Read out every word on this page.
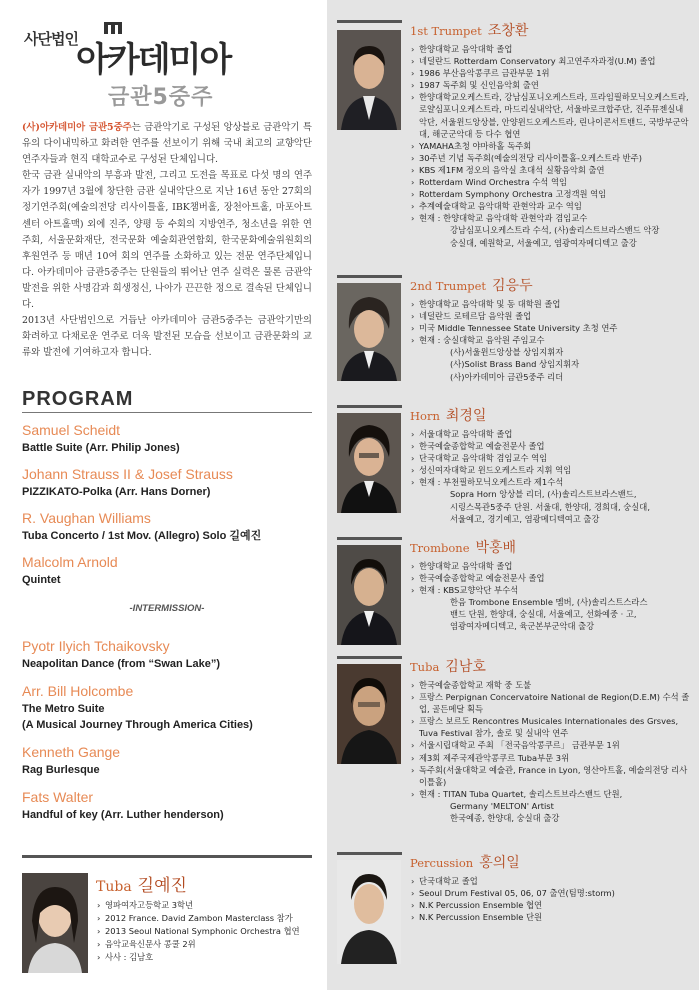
사단법인
아카데미아
금관5중주
(사)아카데미아 금관5중주는 금관악기로 구성된 앙상블로 금관악기 특유의 다이내믹하고 화려한 연주를 선보이기 위해 국내 최고의 교향악단 연주자들과 현직 대학교수로 구성된 단체입니다.
한국 금관 실내악의 부흥과 발전, 그리고 도전을 목표로 다섯 명의 연주자가 1997년 3월에 창단한 금관 실내악단으로 지난 16년 동안 27회의 정기연주회(예술의전당 리사이틀홀, IBK챔버홀, 장천아트홀, 마포아트센터 아트홀맥) 외에 진주, 양평 등 수회의 지방연주, 청소년을 위한 연주회, 서울문화재단, 전국문화 예술회관연합회, 한국문화예술위원회의 후원연주 등 매년 10여 회의 연주를 소화하고 있는 전문 연주단체입니다. 아카데미아 금관5중주는 단원들의 뛰어난 연주 실력은 물론 금관악 발전을 위한 사명감과 희생정신, 나아가 끈끈한 정으로 결속된 단체입니다.
2013년 사단법인으로 거듭난 아카데미아 금관5중주는 금관악기만의 화려하고 다채로운 연주로 더욱 발전된 모습을 선보이고 금관문화의 교류와 발전에 기여하고자 합니다.
PROGRAM
Samuel Scheidt
Battle Suite (Arr. Philip Jones)
Johann Strauss II & Josef Strauss
PIZZIKATO-Polka (Arr. Hans Dorner)
R. Vaughan Williams
Tuba Concerto / 1st Mov. (Allegro) Solo 길예진
Malcolm Arnold
Quintet
-INTERMISSION-
Pyotr Ilyich Tchaikovsky
Neapolitan Dance (from “Swan Lake”)
Arr. Bill Holcombe
The Metro Suite
(A Musical Journey Through America Cities)
Kenneth Gange
Rag Burlesque
Fats Walter
Handful of key (Arr. Luther henderson)
Tuba 길예진
› 영파여자고등학교 3학년
› 2012 France. David Zambon Masterclass 참가
› 2013 Seoul National Symphonic Orchestra 협연
› 음악교육신문사 콩쿨 2위
› 사사 : 김남호
1st Trumpet 조창환
› 한양대학교 음악대학 졸업
› 네덜란드 Rotterdam Conservatory 최고연주자과정(U.M) 졸업
› 1986 부산음악콩쿠르 금관부문 1위
› 1987 독주회 및 신인음악회 출연
› 한양대학교오케스트라, 강남심포니오케스트라, 프라임필하모닉오케스트라, 로얄심포니오케스트라, 마드리실내악단, 서울바로크합주단, 진주뮤젠실내악단, 서울윈드앙상블, 안양윈드오케스트라, 린나이콘서트밴드, 국방부군악대, 해군군악대 등 다수 협연
› YAMAHA초청 야마하홀 독주회
› 30주년 기념 독주회(예술의전당 리사이틀홀-오케스트라 반주)
› KBS 제1FM 정오의 음악실 초대석 실황음악회 출연
› Rotterdam Wind Orchestra 수석 역임
› Rotterdam Symphony Orchestra 고정객원 역임
› 추계예술대학교 음악대학 관현악과 교수 역임
› 현재 : 한양대학교 음악대학 관현악과 겸임교수
강남심포니오케스트라 수석, (사)솔리스트브라스밴드 악장
숭실대, 예원학교, 서울예고, 염광여자메디텍고 출강
2nd Trumpet 김응두
› 한양대학교 음악대학 및 동 대학원 졸업
› 네덜란드 로테르담 음악원 졸업
› 미국 Middle Tennessee State University 초청 연주
› 현재 : 숭실대학교 음악원 주임교수
(사)서울윈드앙상블 상임지휘자
(사)Solist Brass Band 상임지휘자
(사)아카데미아 금관5중주 리더
Horn 최경일
› 서울대학교 음악대학 졸업
› 한국예술종합학교 예술전문사 졸업
› 단국대학교 음악대학 겸임교수 역임
› 성신여자대학교 윈드오케스트라 지휘 역임
› 현재 : 부천필하모닉오케스트라 제1수석
Sopra Horn 앙상블 리더, (사)솔리스트브라스밴드,
시링스목관5중주 단원. 서울대, 한양대, 경희대, 숭실대,
서울예고, 경기예고, 염광메디텍여고 출강
Trombone 박홍배
› 한양대학교 음악대학 졸업
› 한국예술종합학교 예술전문사 졸업
› 현재 : KBS교향악단 부수석
한음 Trombone Ensemble 멤버, (사)솔리스트스라스
밴드 단원, 한양대, 숭실대, 서울예고, 선화예중 · 고,
염광여자메디텍고, 육군본부군악대 출강
Tuba 김남호
› 한국예술종합학교 재학 중 도불
› 프랑스 Perpignan Concervatoire National de Region(D.E.M) 수석 졸업, 골든메달 획득
› 프랑스 보르도 Rencontres Musicales Internationales des Grsves, Tuva Festival 참가, 솔로 및 실내악 연주
› 서울시립대학교 주최 「전국음악콩쿠르」 금관부문 1위
› 제3회 제주국제관악콩쿠르 Tuba부문 3위
› 독주회(서울대학교 예술관, France in Lyon, 영산아트홀, 예술의전당 리사이틀홀)
› 현재 : TITAN Tuba Quartet, 솔리스트브라스밴드 단원,
Germany 'MELTON' Artist
한국예종, 한양대, 숭실대 출강
Percussion 홍의일
› 단국대학교 졸업
› Seoul Drum Festival 05, 06, 07 출연(팀명:storm)
› N.K Percussion Ensemble 협연
› N.K Percussion Ensemble 단원
